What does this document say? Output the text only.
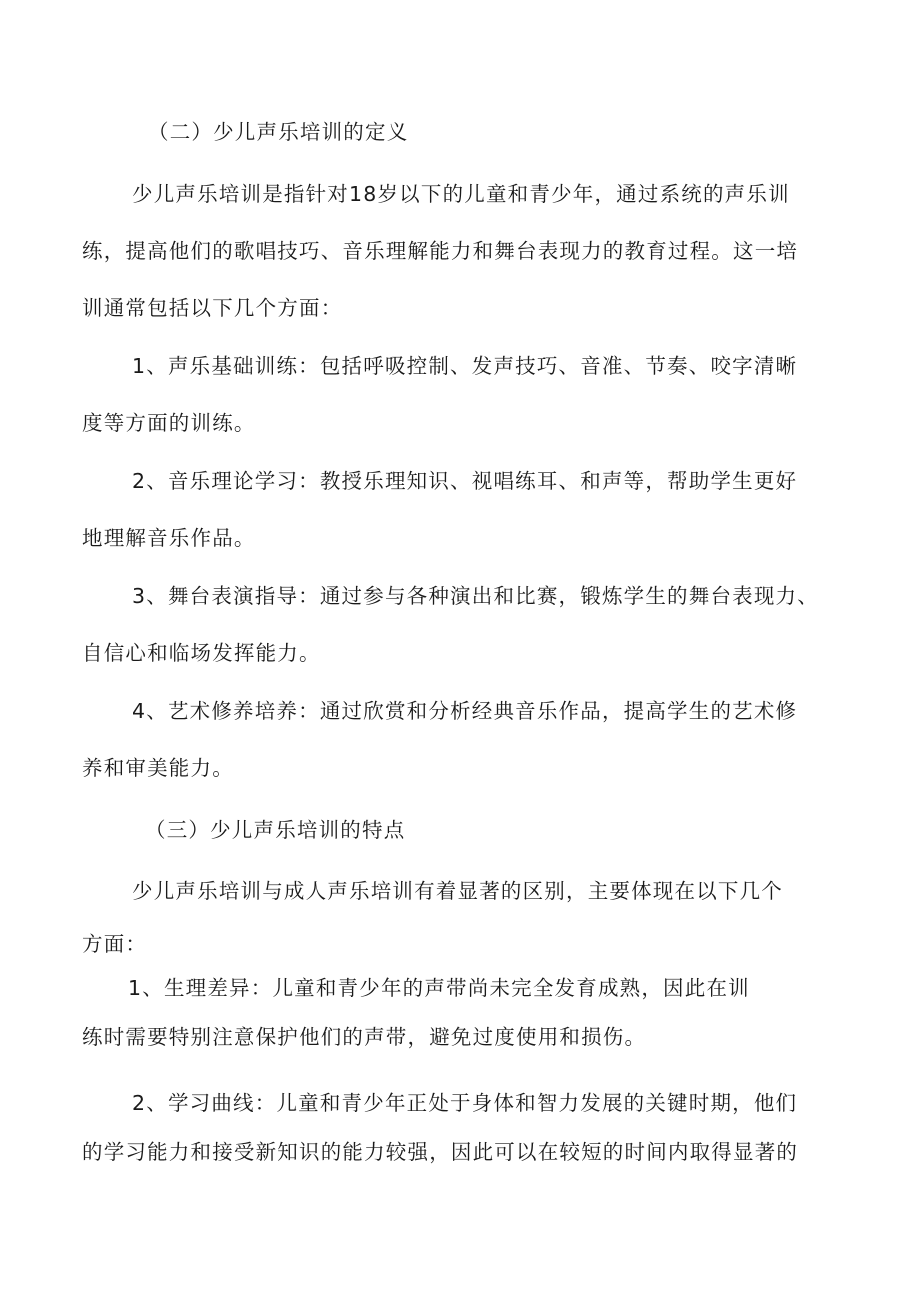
（二）少儿声乐培训的定义
少儿声乐培训是指针对18岁以下的儿童和青少年，通过系统的声乐训
练，提高他们的歌唱技巧、音乐理解能力和舞台表现力的教育过程。这一培
训通常包括以下几个方面：
1、声乐基础训练：包括呼吸控制、发声技巧、音准、节奏、咬字清晰
度等方面的训练。
2、音乐理论学习：教授乐理知识、视唱练耳、和声等，帮助学生更好
地理解音乐作品。
3、舞台表演指导：通过参与各种演出和比赛，锻炼学生的舞台表现力、
自信心和临场发挥能力。
4、艺术修养培养：通过欣赏和分析经典音乐作品，提高学生的艺术修
养和审美能力。
（三）少儿声乐培训的特点
少儿声乐培训与成人声乐培训有着显著的区别，主要体现在以下几个
方面：
1、生理差异：儿童和青少年的声带尚未完全发育成熟，因此在训
练时需要特别注意保护他们的声带，避免过度使用和损伤。
2、学习曲线：儿童和青少年正处于身体和智力发展的关键时期，他们
的学习能力和接受新知识的能力较强，因此可以在较短的时间内取得显著的
